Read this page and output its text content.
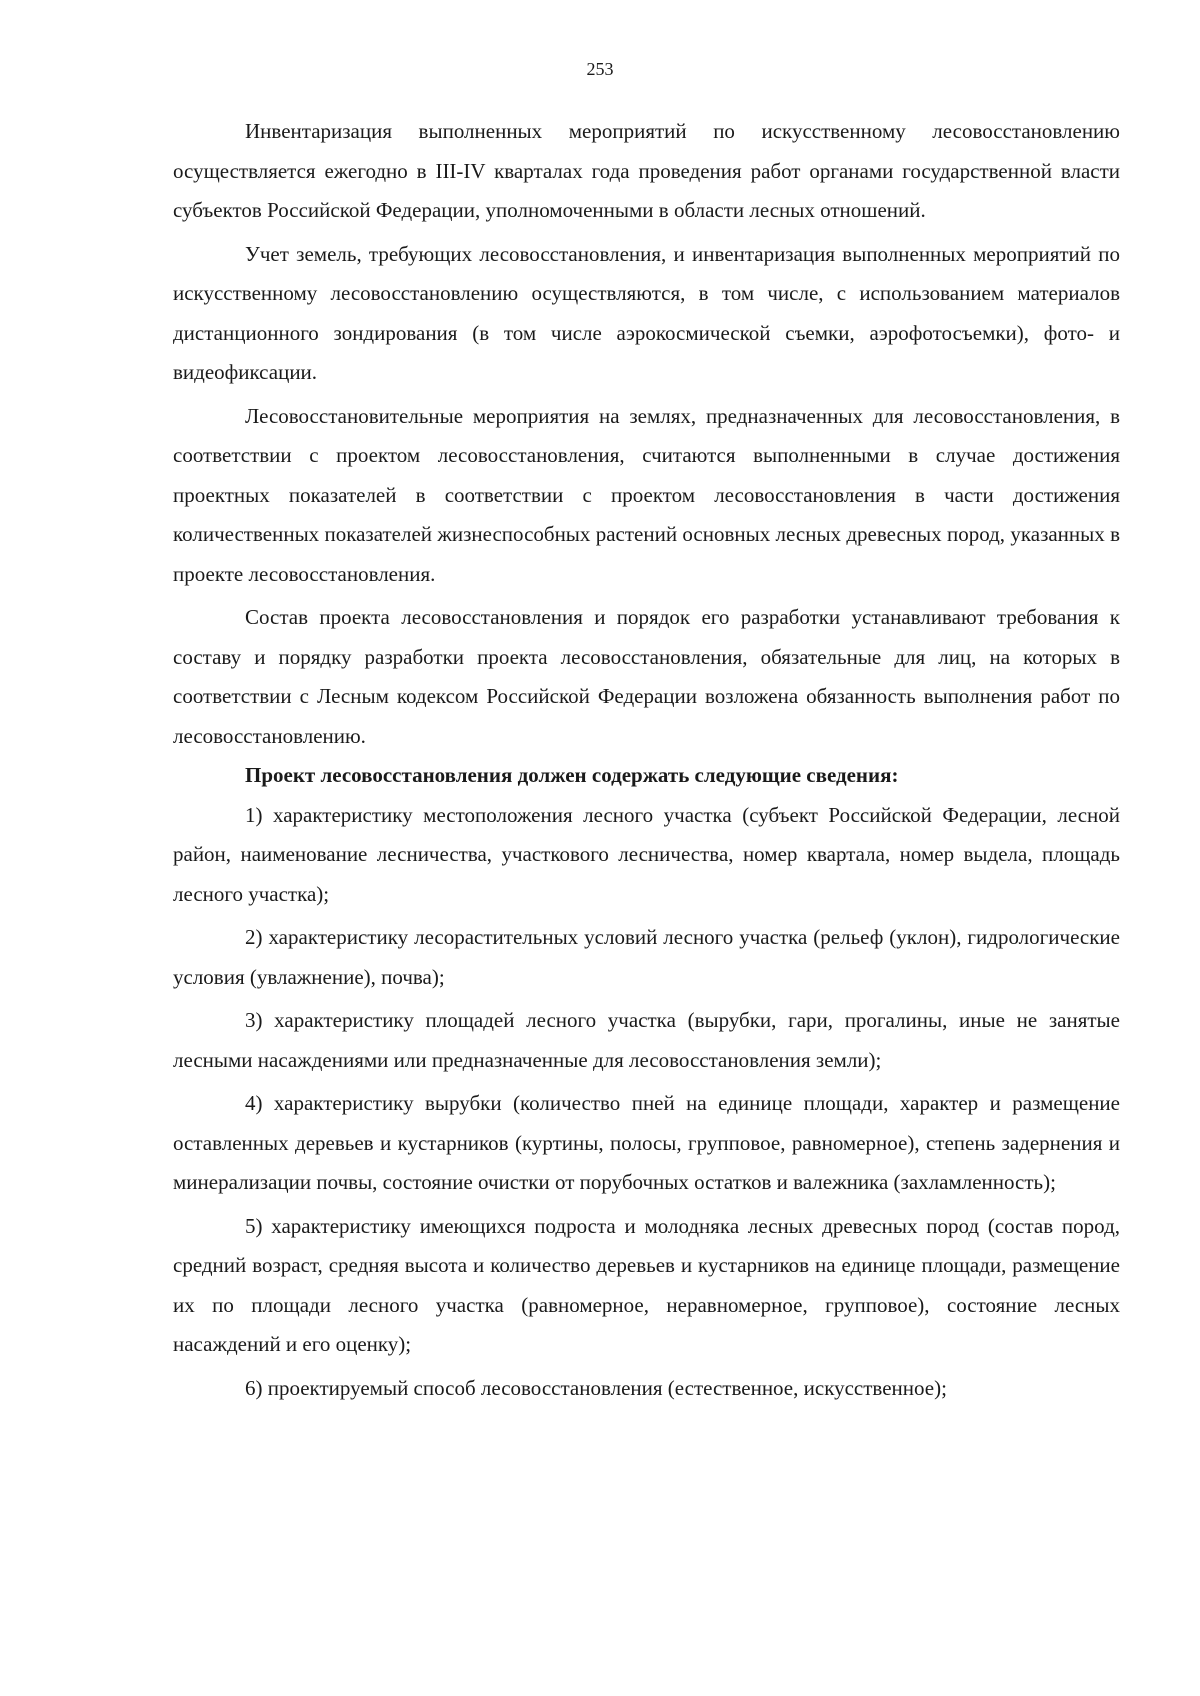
253

Инвентаризация выполненных мероприятий по искусственному лесовосстановлению осуществляется ежегодно в III-IV кварталах года проведения работ органами государственной власти субъектов Российской Федерации, уполномоченными в области лесных отношений.

Учет земель, требующих лесовосстановления, и инвентаризация выполненных мероприятий по искусственному лесовосстановлению осуществляются, в том числе, с использованием материалов дистанционного зондирования (в том числе аэрокосмической съемки, аэрофотосъемки), фото- и видеофиксации.

Лесовосстановительные мероприятия на землях, предназначенных для лесовосстановления, в соответствии с проектом лесовосстановления, считаются выполненными в случае достижения проектных показателей в соответствии с проектом лесовосстановления в части достижения количественных показателей жизнеспособных растений основных лесных древесных пород, указанных в проекте лесовосстановления.

Состав проекта лесовосстановления и порядок его разработки устанавливают требования к составу и порядку разработки проекта лесовосстановления, обязательные для лиц, на которых в соответствии с Лесным кодексом Российской Федерации возложена обязанность выполнения работ по лесовосстановлению.

Проект лесовосстановления должен содержать следующие сведения:

1) характеристику местоположения лесного участка (субъект Российской Федерации, лесной район, наименование лесничества, участкового лесничества, номер квартала, номер выдела, площадь лесного участка);

2) характеристику лесорастительных условий лесного участка (рельеф (уклон), гидрологические условия (увлажнение), почва);

3) характеристику площадей лесного участка (вырубки, гари, прогалины, иные не занятые лесными насаждениями или предназначенные для лесовосстановления земли);

4) характеристику вырубки (количество пней на единице площади, характер и размещение оставленных деревьев и кустарников (куртины, полосы, групповое, равномерное), степень задернения и минерализации почвы, состояние очистки от порубочных остатков и валежника (захламленность);

5) характеристику имеющихся подроста и молодняка лесных древесных пород (состав пород, средний возраст, средняя высота и количество деревьев и кустарников на единице площади, размещение их по площади лесного участка (равномерное, неравномерное, групповое), состояние лесных насаждений и его оценку);

6) проектируемый способ лесовосстановления (естественное, искусственное);
